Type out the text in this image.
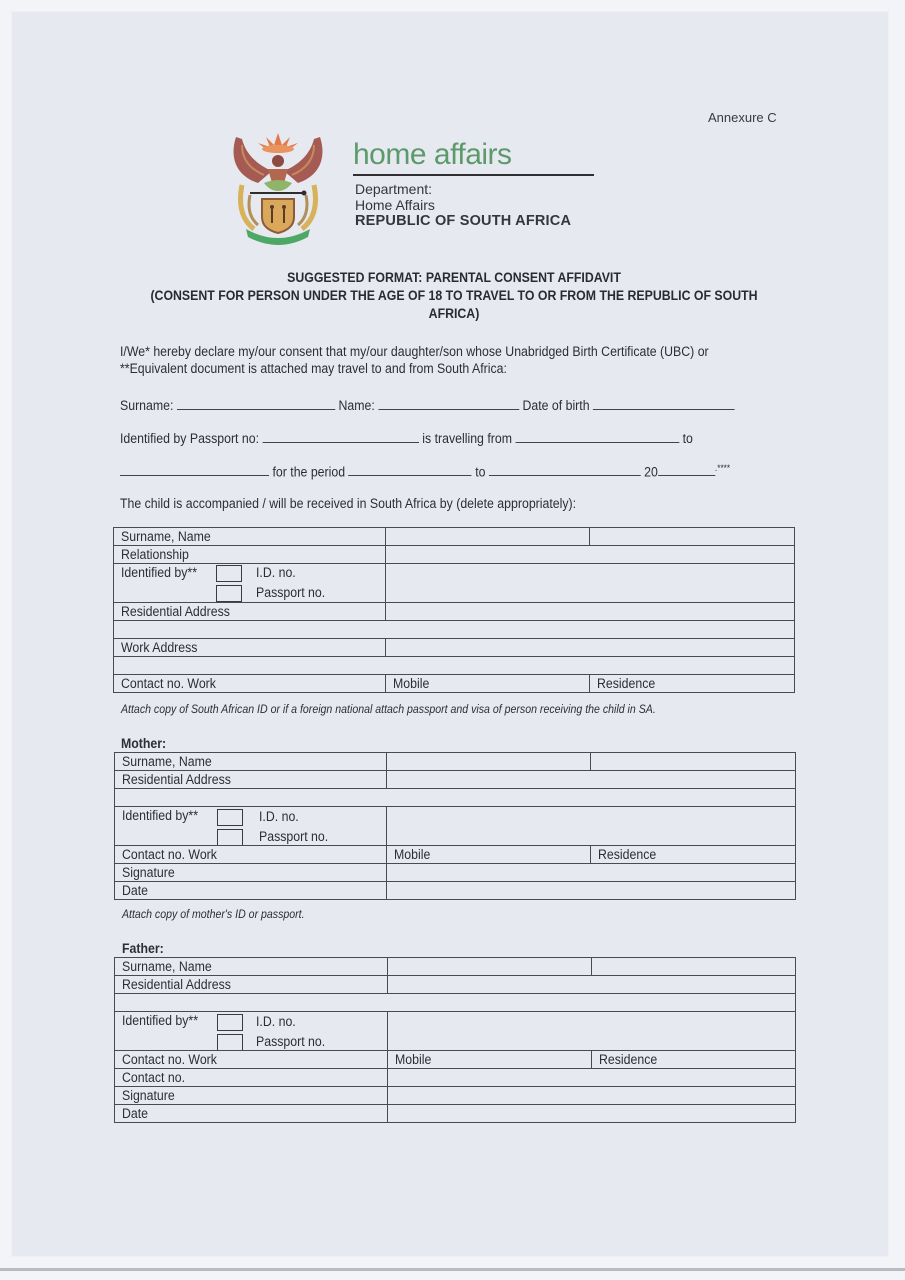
Annexure C
home affairs
Department:
Home Affairs
REPUBLIC OF SOUTH AFRICA
SUGGESTED FORMAT: PARENTAL CONSENT AFFIDAVIT
(CONSENT FOR PERSON UNDER THE AGE OF 18 TO TRAVEL TO OR FROM THE REPUBLIC OF SOUTH
AFRICA)
I/We* hereby declare my/our consent that my/our daughter/son whose Unabridged Birth Certificate (UBC) or
**Equivalent document is attached may travel to and from South Africa:
Surname:	Name:	Date of birth
Identified by Passport no:	is travelling from	to
for the period	to	20	.****
The child is accompanied / will be received in South Africa by (delete appropriately):
Surname, Name		
Relationship		
Identified by** I.D. no.
Passport no.		

Residential Address		

Work Address		

Contact no. Work	Mobile	Residence
Attach copy of South African ID or if a foreign national attach passport and visa of person receiving the child in SA.
Mother:
Surname, Name		
Residential Address		

Identified by** I.D. no.
Passport no.		

Contact no. Work	Mobile	Residence
Signature		
Date		
Attach copy of mother's ID or passport.
Father:
Surname, Name		
Residential Address		

Identified by** I.D. no.
Passport no.		

Contact no. Work	Mobile	Residence
Contact no.		
Signature		
Date		
